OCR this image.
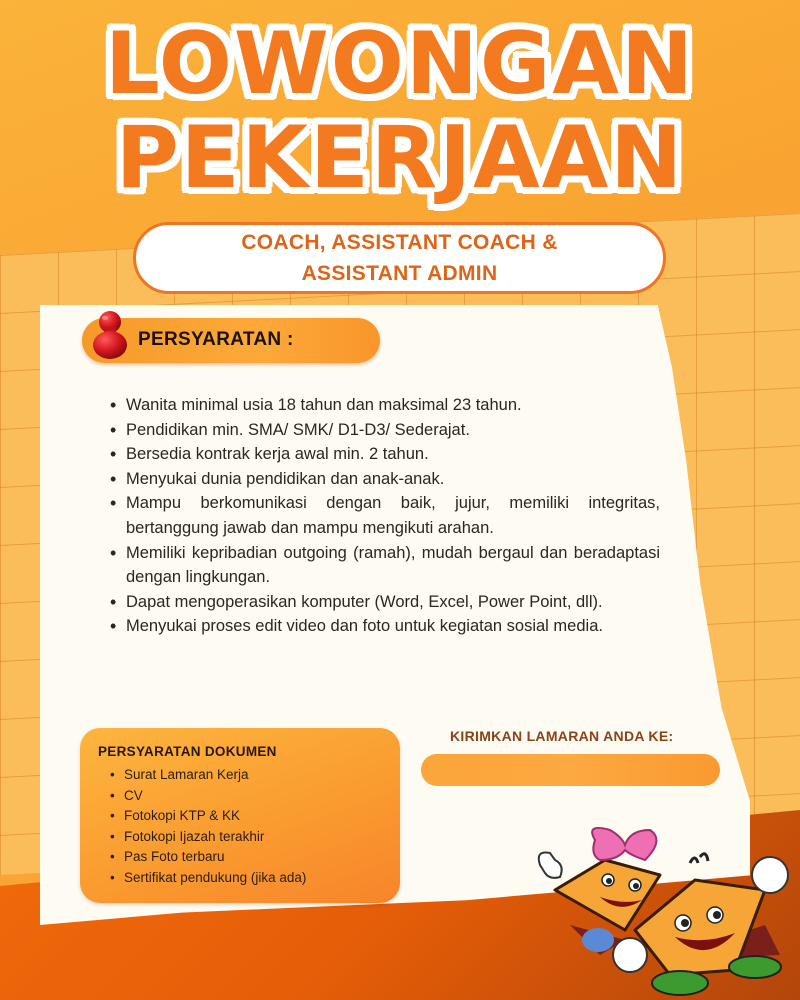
LOWONGAN
PEKERJAAN
COACH, ASSISTANT COACH &
ASSISTANT ADMIN
PERSYARATAN :
• Wanita minimal usia 18 tahun dan maksimal 23 tahun.
• Pendidikan min. SMA/ SMK/ D1-D3/ Sederajat.
• Bersedia kontrak kerja awal min. 2 tahun.
• Menyukai dunia pendidikan dan anak-anak.
• Mampu berkomunikasi dengan baik, jujur, memiliki integritas, bertanggung jawab dan mampu mengikuti arahan.
• Memiliki kepribadian outgoing (ramah), mudah bergaul dan beradaptasi dengan lingkungan.
• Dapat mengoperasikan komputer (Word, Excel, Power Point, dll).
• Menyukai proses edit video dan foto untuk kegiatan sosial media.
PERSYARATAN DOKUMEN
• Surat Lamaran Kerja
• CV
• Fotokopi KTP & KK
• Fotokopi Ijazah terakhir
• Pas Foto terbaru
• Sertifikat pendukung (jika ada)
KIRIMKAN LAMARAN ANDA KE:
